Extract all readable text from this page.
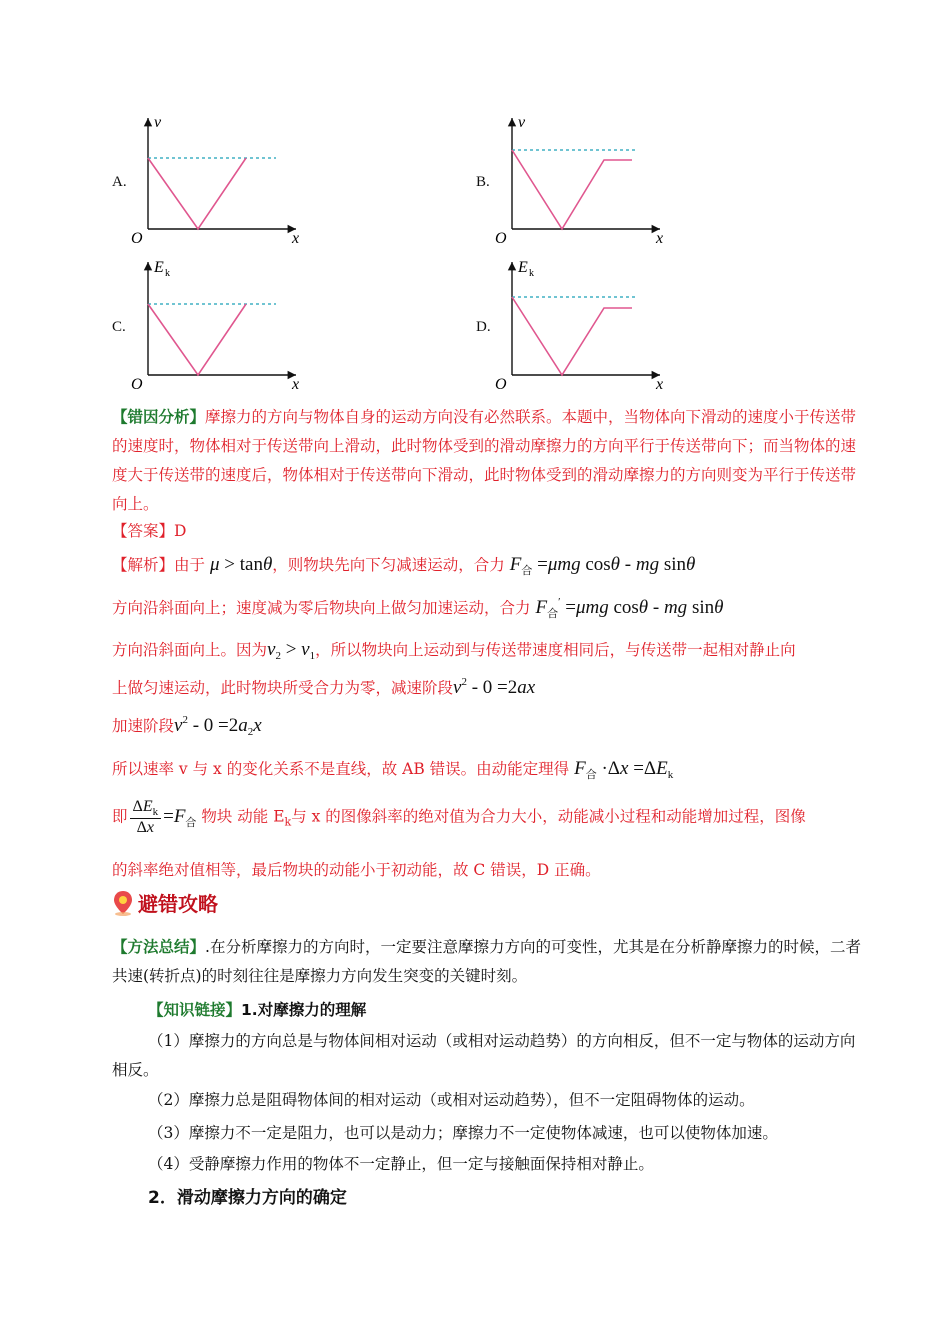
A.	B.
C.	D.
v
O	x
v
O	x
E k
O	x
E k
O	x
【错因分析】摩擦力的方向与物体自身的运动方向没有必然联系。本题中，当物体向下滑动的速度小于传送带的速度时，物体相对于传送带向上滑动，此时物体受到的滑动摩擦力的方向平行于传送带向下；而当物体的速度大于传送带的速度后，物体相对于传送带向下滑动，此时物体受到的滑动摩擦力的方向则变为平行于传送带向上。
【答案】D
【解析】由于 μ > tanθ，则物块先向下匀减速运动，合力 $F_合 =\mu mg$ cosθ - mg sinθ
方向沿斜面向上；速度减为零后物块向上做匀加速运动，合力 $F_合' =\mu mg$ cosθ - mg sinθ
方向沿斜面向上。因为$v_2 > v_1$，所以物块向上运动到与传送带速度相同后，与传送带一起相对静止向
上做匀速运动，此时物块所受合力为零，减速阶段$v^2 - 0 =2ax$
加速阶段$v^2 - 0 =2a_2x$
所以速率 v 与 x 的变化关系不是直线，故 AB 错误。由动能定理得 $F_合 \cdot\Delta x =\Delta E_k$
即 $\frac{\Delta E_k}{\Delta x} =F_合$ 物块 动能 $E_k$与 x 的图像斜率的绝对值为合力大小，动能减小过程和动能增加过程，图像
的斜率绝对值相等，最后物块的动能小于初动能，故 C 错误，D 正确。
避错攻略
【方法总结】.在分析摩擦力的方向时，一定要注意摩擦力方向的可变性，尤其是在分析静摩擦力的时候，二者共速(转折点)的时刻往往是摩擦力方向发生突变的关键时刻。
【知识链接】1.对摩擦力的理解
（1）摩擦力的方向总是与物体间相对运动（或相对运动趋势）的方向相反，但不一定与物体的运动方向相反。
（2）摩擦力总是阻碍物体间的相对运动（或相对运动趋势），但不一定阻碍物体的运动。
（3）摩擦力不一定是阻力，也可以是动力；摩擦力不一定使物体减速，也可以使物体加速。
（4）受静摩擦力作用的物体不一定静止，但一定与接触面保持相对静止。
2．滑动摩擦力方向的确定
